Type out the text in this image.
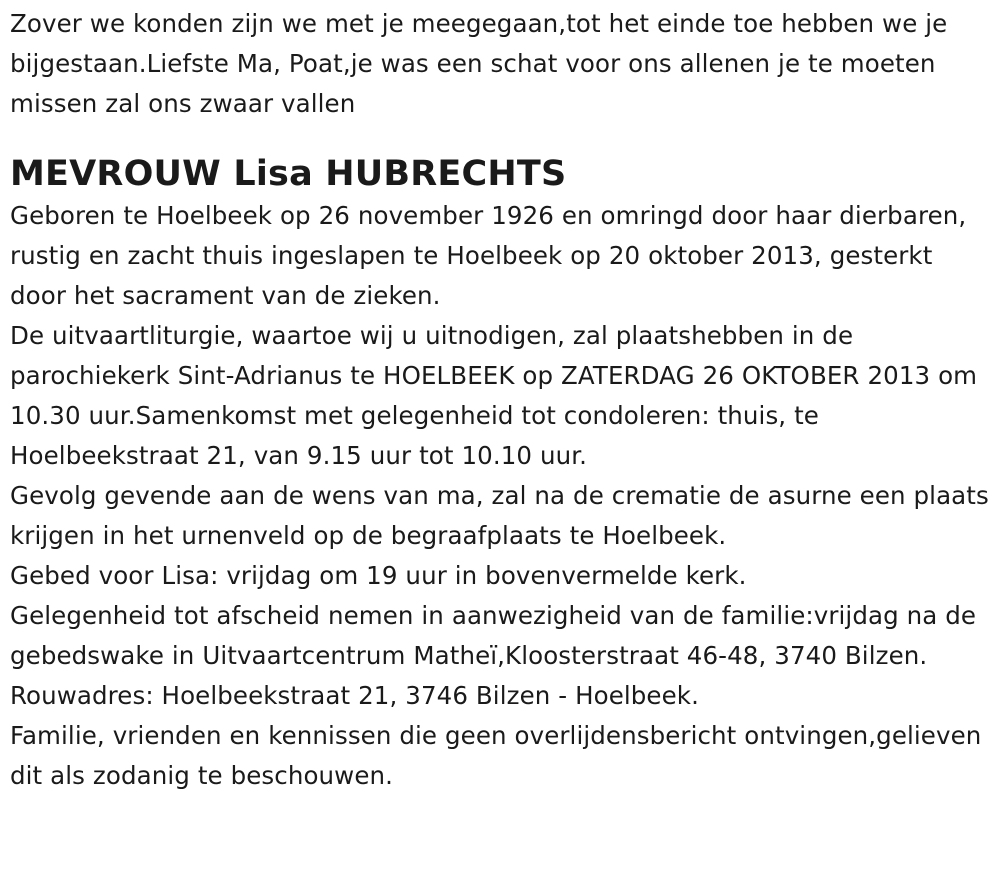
Zover we konden zijn we met je meegegaan,tot het einde toe hebben we je bijgestaan.Liefste Ma, Poat,je was een schat voor ons allenen je te moeten missen zal ons zwaar vallen

MEVROUW Lisa HUBRECHTS
Geboren te Hoelbeek op 26 november 1926 en omringd door haar dierbaren, rustig en zacht thuis ingeslapen te Hoelbeek op 20 oktober 2013, gesterkt door het sacrament van de zieken.
De uitvaartliturgie, waartoe wij u uitnodigen, zal plaatshebben in de parochiekerk Sint-Adrianus te HOELBEEK op ZATERDAG 26 OKTOBER 2013 om 10.30 uur.Samenkomst met gelegenheid tot condoleren: thuis, te Hoelbeekstraat 21, van 9.15 uur tot 10.10 uur.
Gevolg gevende aan de wens van ma, zal na de crematie de asurne een plaats krijgen in het urnenveld op de begraafplaats te Hoelbeek.
Gebed voor Lisa: vrijdag om 19 uur in bovenvermelde kerk.
Gelegenheid tot afscheid nemen in aanwezigheid van de familie:vrijdag na de gebedswake in Uitvaartcentrum Matheï,Kloosterstraat 46-48, 3740 Bilzen.
Rouwadres: Hoelbeekstraat 21, 3746 Bilzen - Hoelbeek.
Familie, vrienden en kennissen die geen overlijdensbericht ontvingen,gelieven dit als zodanig te beschouwen.
